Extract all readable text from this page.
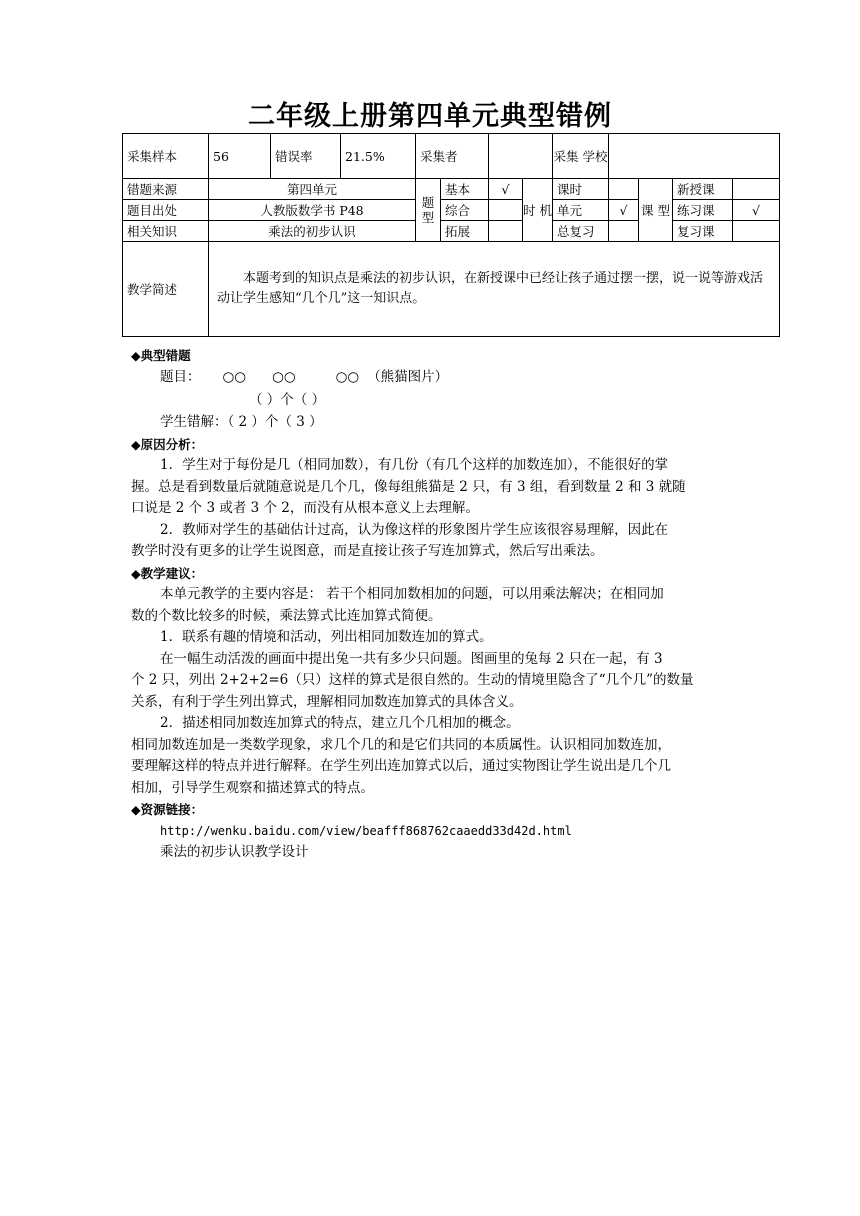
二年级上册第四单元典型错例
采集样本	56	错误率	21.5%	采集者				采集 学校				
错题来源	第四单元			题 型	基本	√	时 机	课时		课 型	新授课	
题目出处	人教版数学书 P48				综合			单元	√		练习课	√
相关知识	乘法的初步认识				拓展			总复习			复习课	
教学简述	本题考到的知识点是乘法的初步认识，在新授课中已经让孩子通过摆一摆，说一说等游戏活动让学生感知“几个几”这一知识点。											
◆典型错题
题目： ○○ ○○	○○ （熊猫图片）
（ ）个（ ）
学生错解：（ 2 ）个（ 3 ）
◆原因分析：
1．学生对于每份是几（相同加数），有几份（有几个这样的加数连加），不能很好的掌
握。总是看到数量后就随意说是几个几，像每组熊猫是 2 只，有 3 组，看到数量 2 和 3 就随
口说是 2 个 3 或者 3 个 2，而没有从根本意义上去理解。
2．教师对学生的基础估计过高，认为像这样的形象图片学生应该很容易理解，因此在
教学时没有更多的让学生说图意，而是直接让孩子写连加算式，然后写出乘法。
◆教学建议：
本单元教学的主要内容是： 若干个相同加数相加的问题，可以用乘法解决；在相同加
数的个数比较多的时候，乘法算式比连加算式简便。
1．联系有趣的情境和活动，列出相同加数连加的算式。
在一幅生动活泼的画面中提出兔一共有多少只问题。图画里的兔每 2 只在一起，有 3
个 2 只，列出 2+2+2=6（只）这样的算式是很自然的。生动的情境里隐含了“几个几”的数量
关系，有利于学生列出算式，理解相同加数连加算式的具体含义。
2．描述相同加数连加算式的特点，建立几个几相加的概念。
相同加数连加是一类数学现象，求几个几的和是它们共同的本质属性。认识相同加数连加，
要理解这样的特点并进行解释。在学生列出连加算式以后，通过实物图让学生说出是几个几
相加，引导学生观察和描述算式的特点。
◆资源链接：
http://wenku.baidu.com/view/beafff868762caaedd33d42d.html
乘法的初步认识教学设计
